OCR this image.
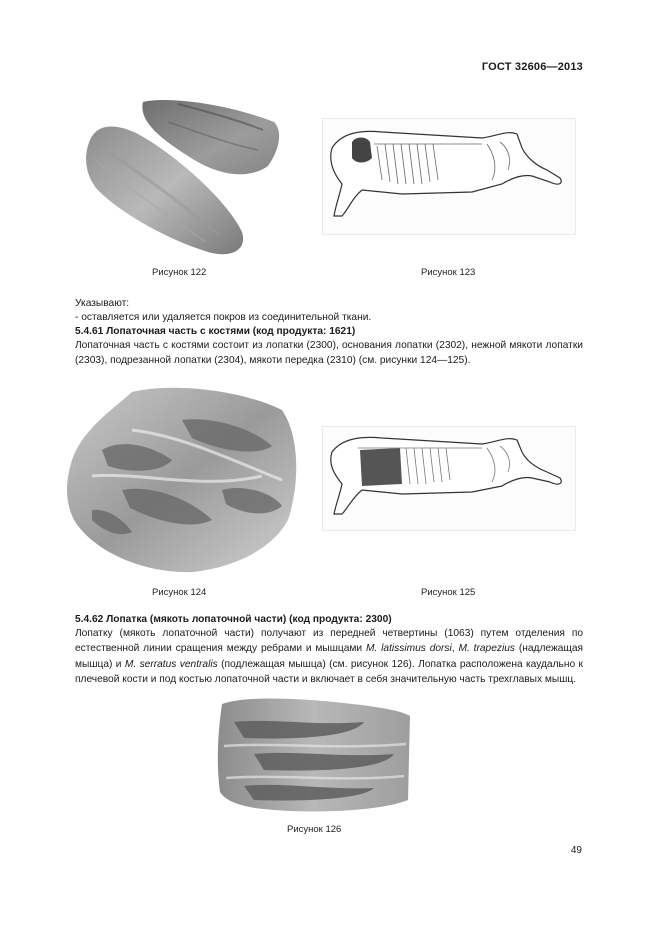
ГОСТ 32606—2013
Рисунок 122	Рисунок 123

Указывают:

- оставляется или удаляется покров из соединительной ткани.

5.4.61 Лопаточная часть с костями (код продукта: 1621)

Лопаточная часть с костями состоит из лопатки (2300), основания лопатки (2302), нежной мякоти лопатки (2303), подрезанной лопатки (2304), мякоти передка (2310) (см. рисунки 124—125).

Рисунок 124	Рисунок 125

5.4.62 Лопатка (мякоть лопаточной части) (код продукта: 2300)

Лопатку (мякоть лопаточной части) получают из передней четвертины (1063) путем отделения по естественной линии сращения между ребрами и мышцами M. latissimus dorsi, M. trapezius (надлежащая мышца) и M. serratus ventralis (подлежащая мышца) (см. рисунок 126). Лопатка расположена каудально к плечевой кости и под костью лопаточной части и включает в себя значительную часть трехглавых мышц.

Рисунок 126
49
